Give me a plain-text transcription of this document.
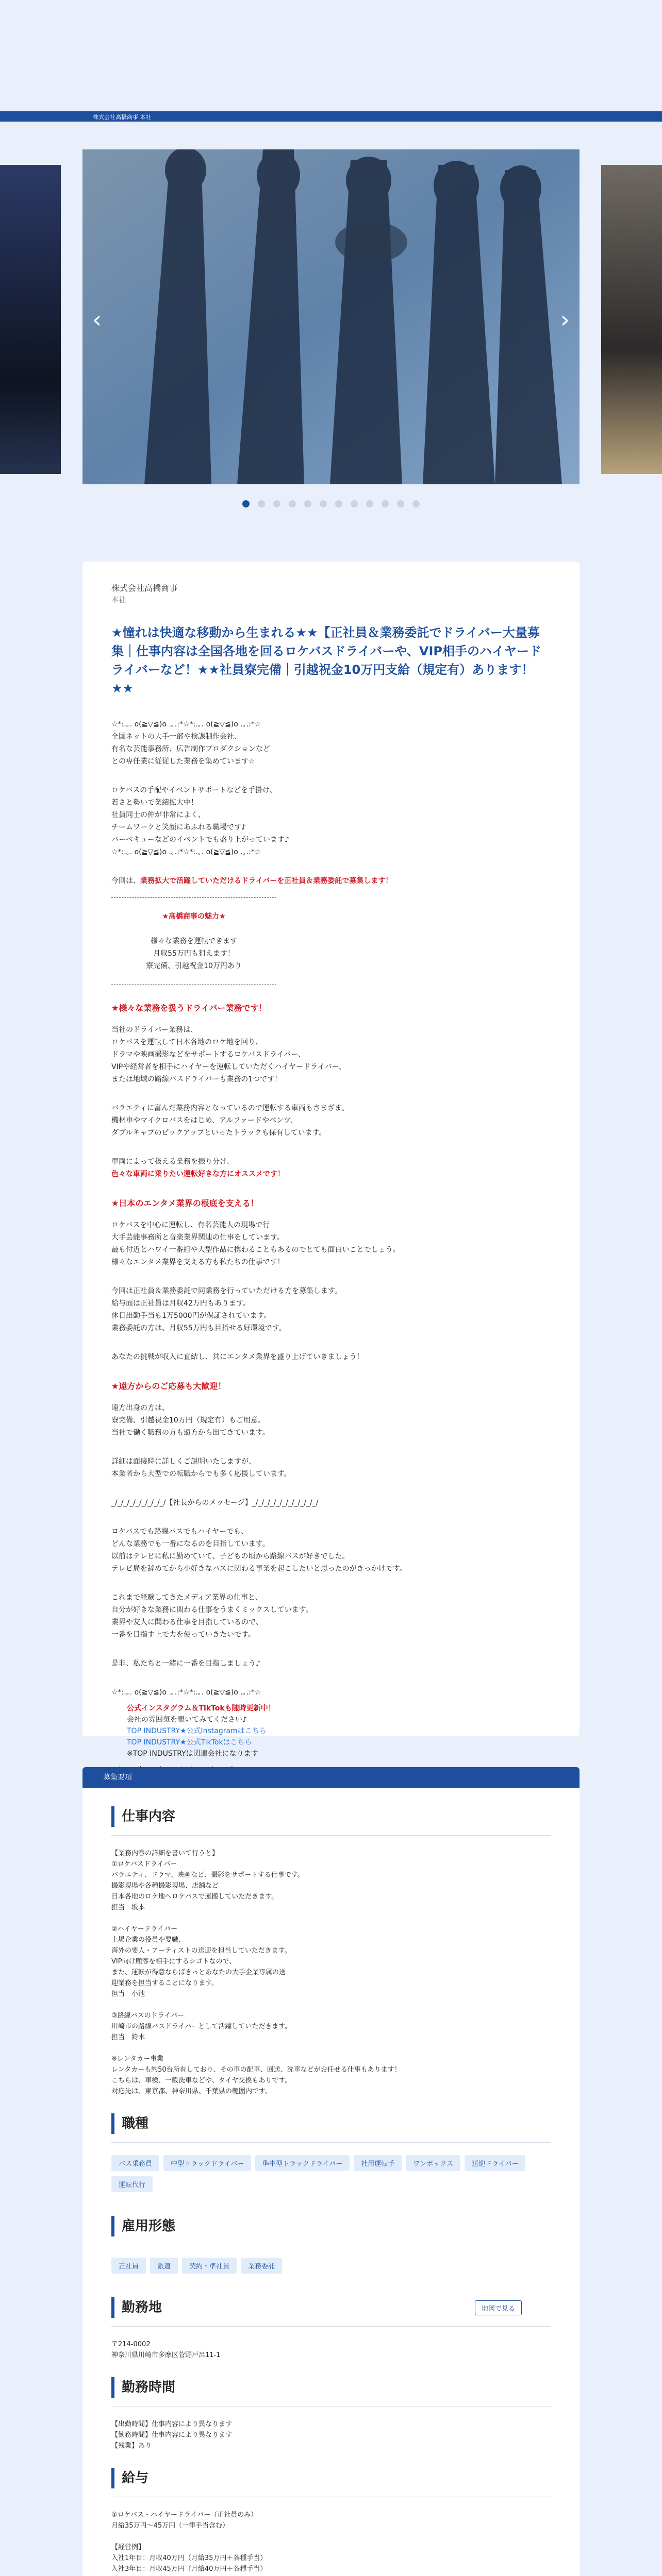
株式会社高橋商事 本社
‹	›
株式会社高橋商事
本社
★憧れは快適な移動から生まれる★★【正社員＆業務委託でドライバー大量募集｜仕事内容は全国各地を回るロケバスドライバーや、VIP相手のハイヤードライバーなど！★★社員寮完備｜引越祝金10万円支給（規定有）あります！★★
☆*:.｡. o(≧▽≦)o .｡.:*☆*:.｡. o(≧▽≦)o .｡.:*☆
全国ネットの大手一部や検課制作会社、
有名な芸能事務所、広告制作プロダクションなど
との専任業に従従した業務を集めています☆
ロケバスの手配やイベントサポートなどを手掛け、
若さと勢いで業績拡大中！
社員同士の仲が非常によく、
チームワークと笑顔にあふれる職場です♪
バーベキューなどのイベントでも盛り上がっています♪
☆*:.｡. o(≧▽≦)o .｡.:*☆*:.｡. o(≧▽≦)o .｡.:*☆
今回は、業務拡大で活躍していただけるドライバーを正社員＆業務委託で募集します！

★高橋商事の魅力★

様々な業務を運転できます
月収55万円も狙えます！
寮完備、引越祝金10万円あり

★様々な業務を扱うドライバー業務です！
当社のドライバー業務は、
ロケバスを運転して日本各地のロケ地を回り、
ドラマや映画撮影などをサポートするロケバスドライバー、
VIPや経営者を相手にハイヤーを運転していただくハイヤードライバー、
または地域の路線バスドライバーも業務の1つです！
バラエティに富んだ業務内容となっているので運転する車両もさまざま。
機材車やマイクロバスをはじめ、アルファードやベンツ、
ダブルキャブのピックアップといったトラックも保有しています。
車両によって扱える業務を振り分け、
色々な車両に乗りたい運転好きな方にオススメです！
★日本のエンタメ業界の根底を支える！
ロケバスを中心に運転し、有名芸能人の現場で行
大手芸能事務所と音楽業界関連の仕事をしています。
最も付近とハワイ一番組や大型作品に携わることもあるのでとても面白いことでしょう。
様々なエンタメ業界を支える方も私たちの仕事です！
今回は正社員＆業務委託で同業務を行っていただける方を募集します。
給与面は正社員は月収42万円もあります。
休日出勤手当も1万5000円が保証されています。
業務委託の方は、月収55万円も目指せる好環境です。
あなたの挑戦が収入に直結し、共にエンタメ業界を盛り上げていきましょう！
★遠方からのご応募も大歓迎！
遠方出身の方は、
寮完備、引越祝金10万円（規定有）もご用意。
当社で働く職務の方も遠方から出てきています。
詳細は面接時に詳しくご説明いたしますが、
本業者から大型での転職からでも多く応援しています。
_/_/_/_/_/_/_/_/_/【社長からのメッセージ】_/_/_/_/_/_/_/_/_/_/_/
ロケバスでも路線バスでもハイヤーでも、
どんな業務でも一番になるのを目指しています。
以前はテレビに私に勤めていて、子どもの頃から路線バスが好きでした。
テレビ局を辞めてから小好きなバスに関わる事業を起こしたいと思ったのがきっかけです。
これまで経験してきたメディア業界の仕事と、
自分が好きな業務に関わる仕事をうまくミックスしています。
業界や友人に聞わる仕事を目指しているので、
一番を目指す上で力を使っていきたいです。
是非、私たちと一緒に一番を目指しましょう♪
☆*:.｡. o(≧▽≦)o .｡.:*☆*:.｡. o(≧▽≦)o .｡.:*☆
公式インスタグラム＆TikTokも随時更新中！
会社の雰囲気を覗いてみてください♪
TOP INDUSTRY★公式Instagramはこちら
TOP INDUSTRY★公式TikTokはこちら
※TOP INDUSTRYは関連会社になります
募集要項
仕事内容
【業務内容の詳細を書いて行うと】
①ロケバスドライバー
バラエティ、ドラマ、映画など、撮影をサポートする仕事です。
撮影現場や各種撮影現場、店舗など
日本各地のロケ地へロケバスで運搬していただきます。
担当　坂本

②ハイヤードライバー
上場企業の役員や要職、
海外の要人・アーティストの送迎を担当していただきます。
VIP向け顧客を相手にするシゴトなので、
また、運転が得意ならばきっとあなたの大手企業専属の送
迎業務を担当することになります。
担当　小池

③路線バスのドライバー
川崎市の路線バスドライバーとして活躍していただきます。
担当　鈴木

※レンタカー事業
レンタカーも約50台所有しており、その車の配車、回送、洗車などがお任せる仕事もあります！
こちらは、車検、一般洗車などや、タイヤ交換もありです。
対応先は、東京都、神奈川県、千葉県の範囲内です。
職種
バス乗務員	中型トラックドライバー	準中型トラックドライバー	社用運転手	ワンボックス	送迎ドライバー運転代行
雇用形態
正社員	派遣	契約・準社員	業務委託
勤務地	地図で見る
〒214-0002
神奈川県川崎市多摩区菅野戸呂11-1
勤務時間
【出勤時間】仕事内容により異なります
【勤務時間】仕事内容により異なります
【残業】あり
給与
①ロケバス・ハイヤードライバー（正社員のみ）
月給35万円〜45万円（一律手当含む）

【経営例】
入社1年目：月収40万円（月給35万円＋各種手当）
入社3年目：月収45万円（月給40万円＋各種手当）
